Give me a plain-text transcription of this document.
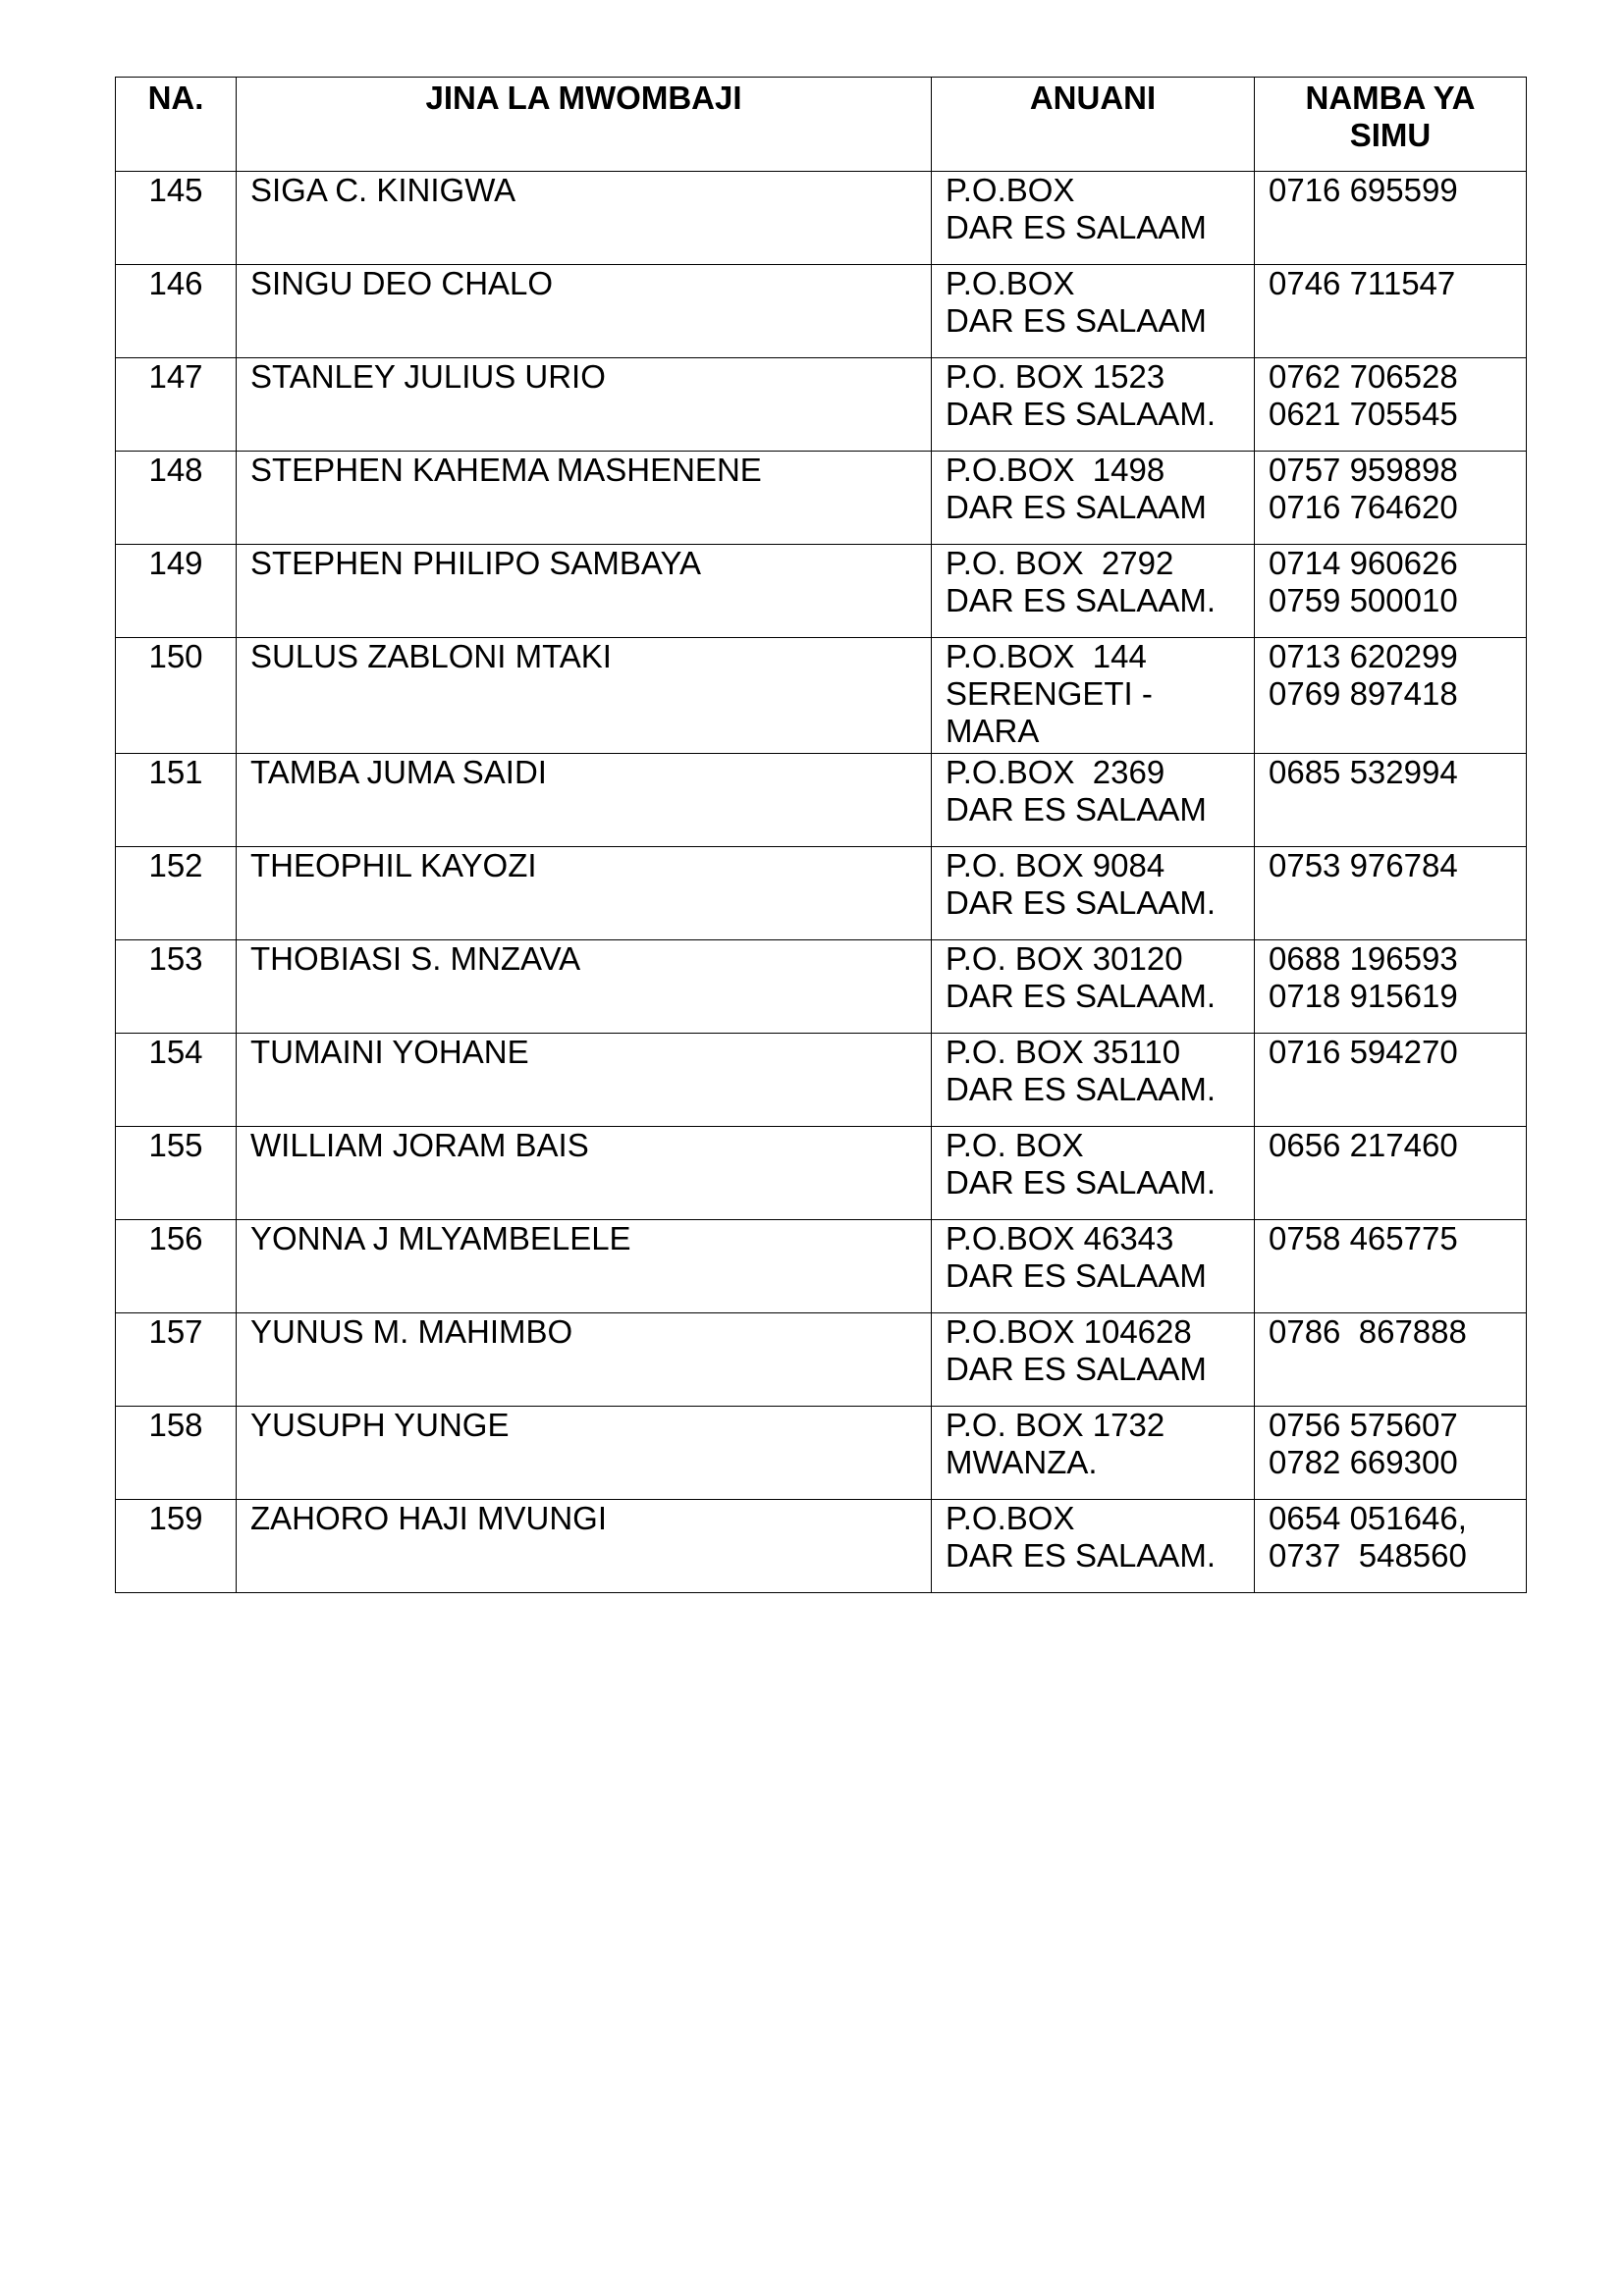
NA.	JINA LA MWOMBAJI	ANUANI	NAMBA YA
SIMU

145	SIGA C. KINIGWA	P.O.BOX
DAR ES SALAAM	0716 695599

146	SINGU DEO CHALO	P.O.BOX
DAR ES SALAAM	0746 711547

147	STANLEY JULIUS URIO	P.O. BOX 1523
DAR ES SALAAM.	0762 706528
0621 705545

148	STEPHEN KAHEMA MASHENENE	P.O.BOX  1498
DAR ES SALAAM	0757 959898
0716 764620

149	STEPHEN PHILIPO SAMBAYA	P.O. BOX  2792
DAR ES SALAAM.	0714 960626
0759 500010

150	SULUS ZABLONI MTAKI	P.O.BOX  144
SERENGETI -
MARA	0713 620299
0769 897418

151	TAMBA JUMA SAIDI	P.O.BOX  2369
DAR ES SALAAM	0685 532994

152	THEOPHIL KAYOZI	P.O. BOX 9084
DAR ES SALAAM.	0753 976784

153	THOBIASI S. MNZAVA	P.O. BOX 30120
DAR ES SALAAM.	0688 196593
0718 915619

154	TUMAINI YOHANE	P.O. BOX 35110
DAR ES SALAAM.	0716 594270

155	WILLIAM JORAM BAIS	P.O. BOX
DAR ES SALAAM.	0656 217460

156	YONNA J MLYAMBELELE	P.O.BOX 46343
DAR ES SALAAM	0758 465775

157	YUNUS M. MAHIMBO	P.O.BOX 104628
DAR ES SALAAM	0786  867888

158	YUSUPH YUNGE	P.O. BOX 1732
MWANZA.	0756 575607
0782 669300

159	ZAHORO HAJI MVUNGI	P.O.BOX
DAR ES SALAAM.	0654 051646,
0737  548560
